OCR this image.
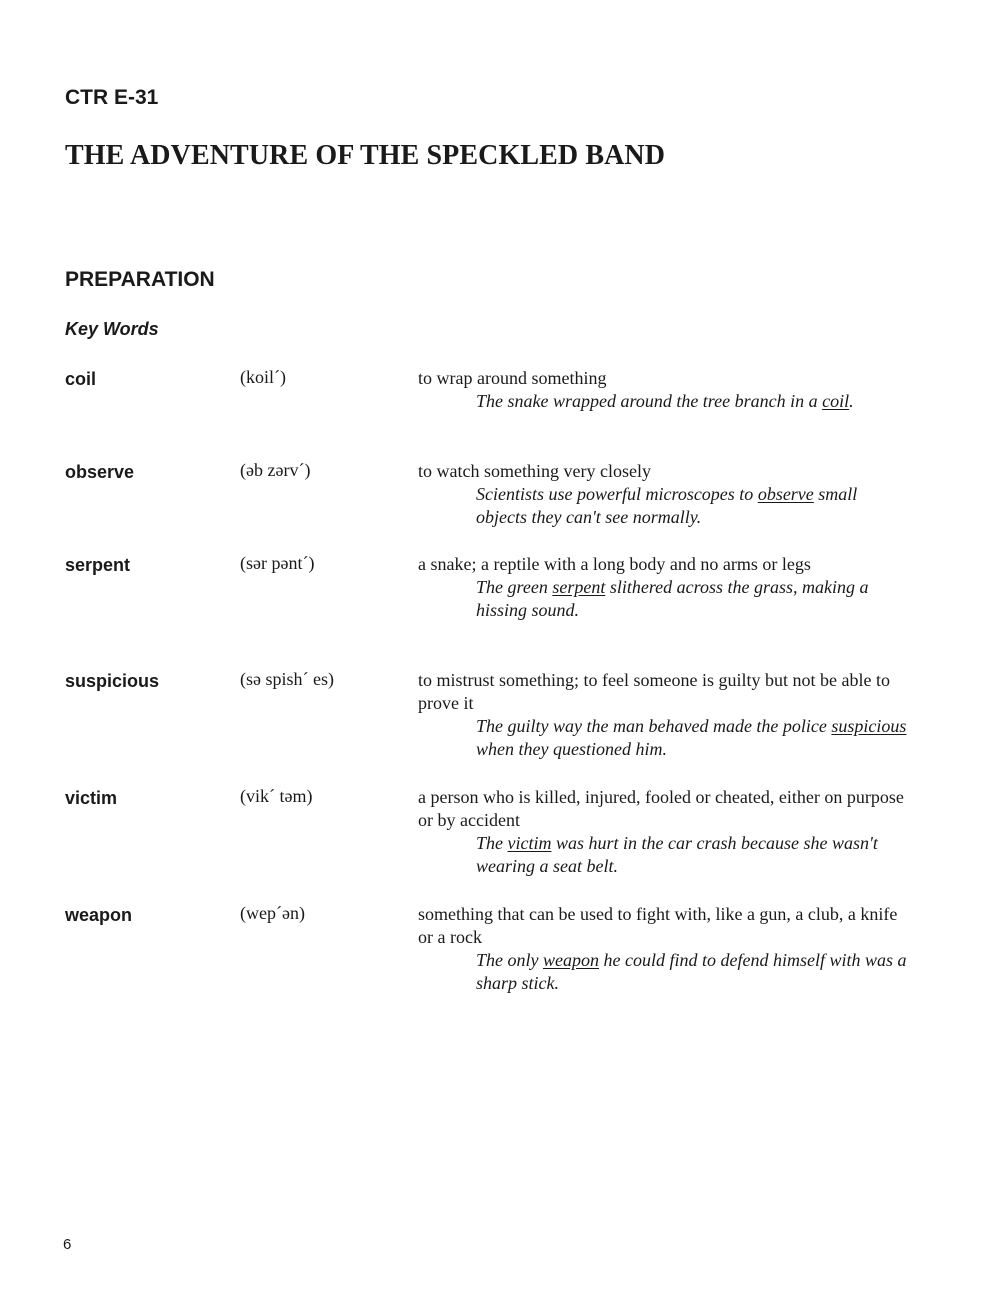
CTR E-31

THE ADVENTURE OF THE SPECKLED BAND
PREPARATION
Key Words
coil	(koil´)	to wrap around something
The snake wrapped around the tree branch in a coil.
observe	(əb zərv´)	to watch something very closely
Scientists use powerful microscopes to observe small objects they can't see normally.
serpent	(sər pənt´)	a snake; a reptile with a long body and no arms or legs
The green serpent slithered across the grass, making a hissing sound.
suspicious	(sə spish´ es)	to mistrust something; to feel someone is guilty but not be able to prove it
The guilty way the man behaved made the police suspicious when they questioned him.
victim	(vik´ təm)	a person who is killed, injured, fooled or cheated, either on purpose or by accident
The victim was hurt in the car crash because she wasn't wearing a seat belt.
weapon	(wep´ən)	something that can be used to fight with, like a gun, a club, a knife or a rock
The only weapon he could find to defend himself with was a sharp stick.
6
